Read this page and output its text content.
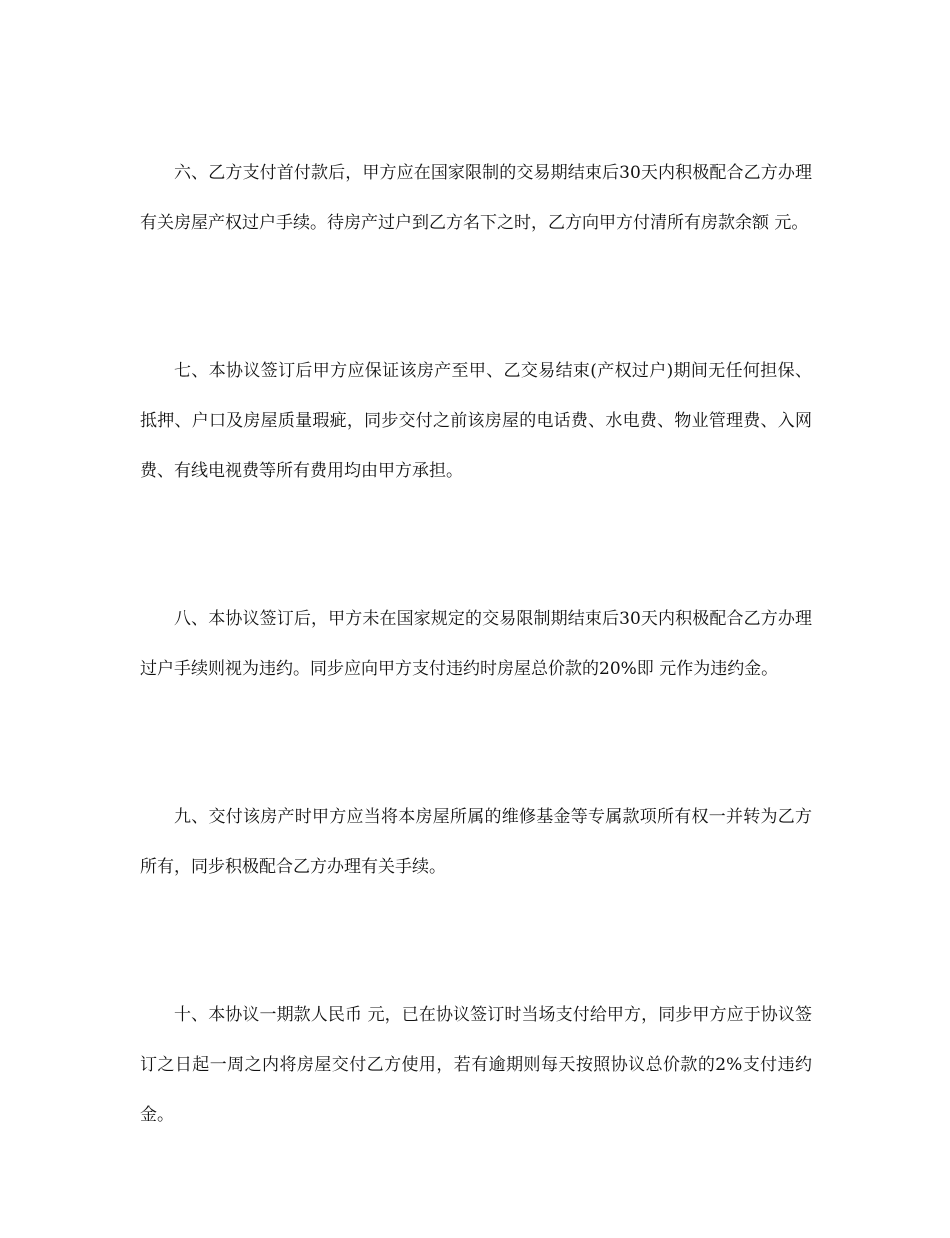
六、乙方支付首付款后，甲方应在国家限制的交易期结束后30天内积极配合乙方办理有关房屋产权过户手续。待房产过户到乙方名下之时，乙方向甲方付清所有房款余额 元。

七、本协议签订后甲方应保证该房产至甲、乙交易结束(产权过户)期间无任何担保、抵押、户口及房屋质量瑕疵，同步交付之前该房屋的电话费、水电费、物业管理费、入网费、有线电视费等所有费用均由甲方承担。

八、本协议签订后，甲方未在国家规定的交易限制期结束后30天内积极配合乙方办理过户手续则视为违约。同步应向甲方支付违约时房屋总价款的20%即 元作为违约金。

九、交付该房产时甲方应当将本房屋所属的维修基金等专属款项所有权一并转为乙方所有，同步积极配合乙方办理有关手续。

十、本协议一期款人民币 元，已在协议签订时当场支付给甲方，同步甲方应于协议签订之日起一周之内将房屋交付乙方使用，若有逾期则每天按照协议总价款的2%支付违约金。
